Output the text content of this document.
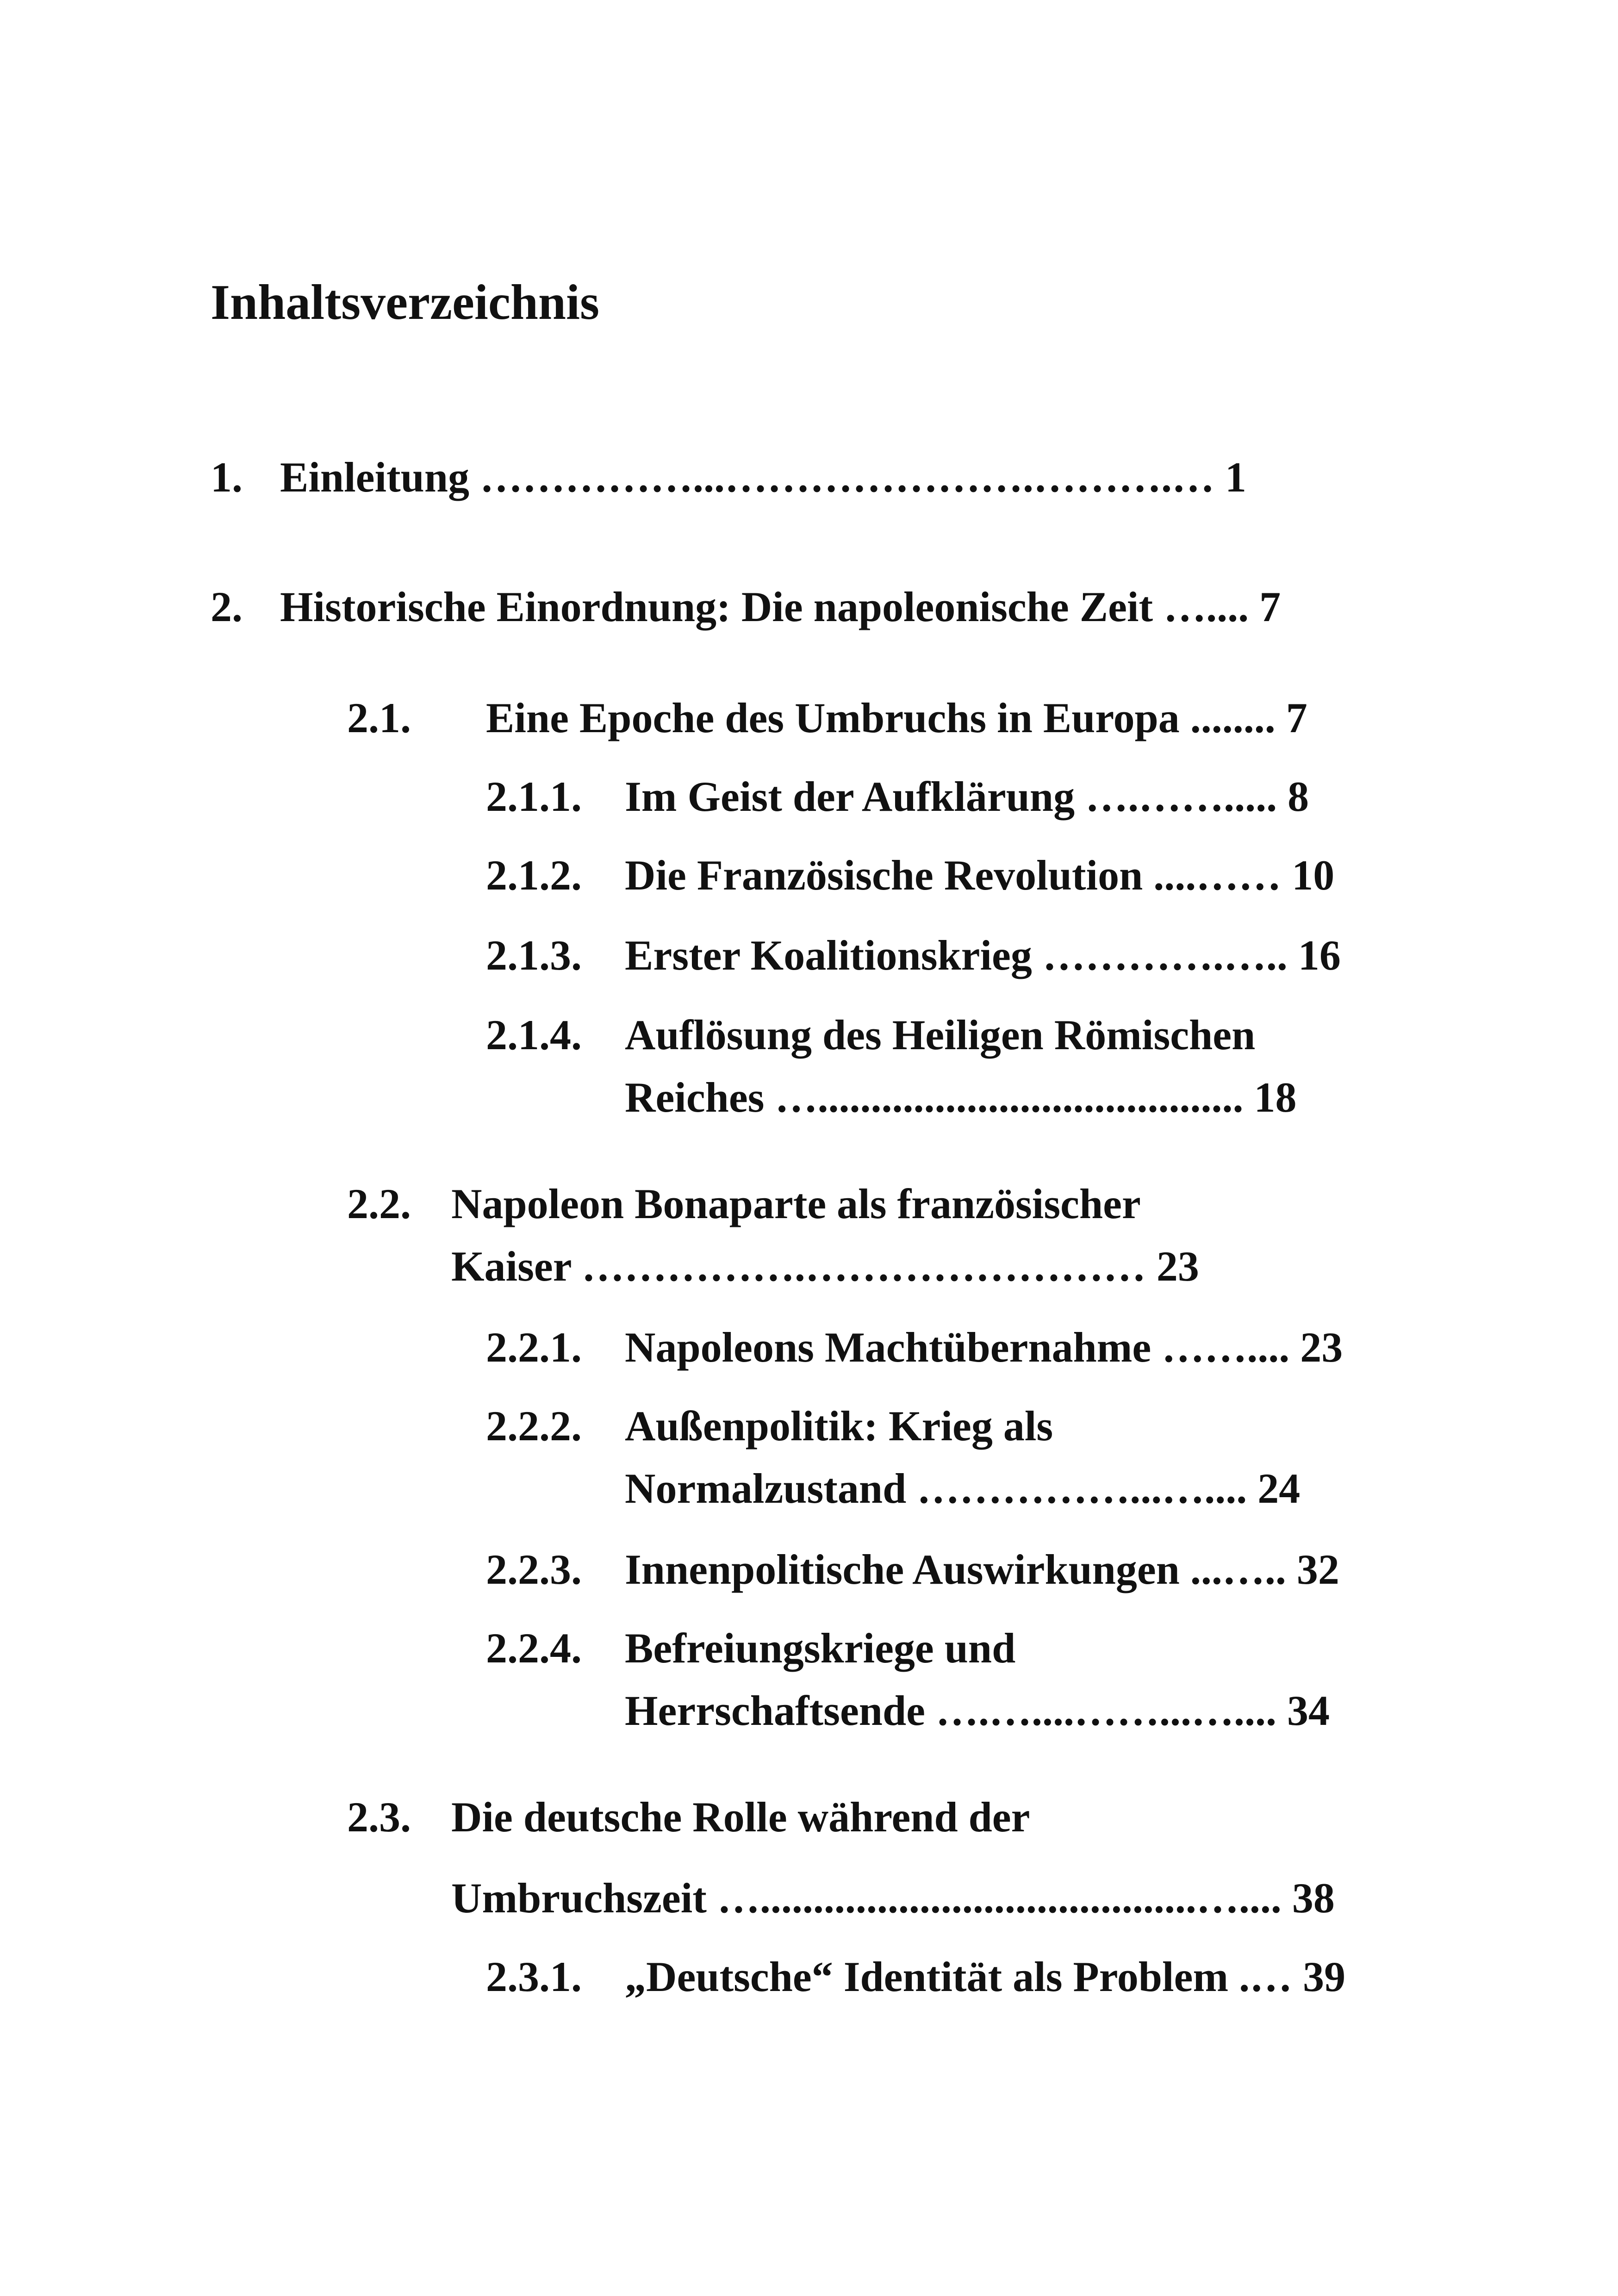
Inhaltsverzeichnis
1. Einleitung ……………...………………….……….… 1
2. Historische Einordnung: Die napoleonische Zeit ….... 7
2.1. Eine Epoche des Umbruchs in Europa ........ 7
2.1.1. Im Geist der Aufklärung ….……..... 8
2.1.2. Die Französische Revolution ....…… 10
2.1.3. Erster Koalitionskrieg ………….….. 16
2.1.4. Auflösung des Heiligen Römischen
Reiches …........................................ 18
2.2. Napoleon Bonaparte als französischer
Kaiser …………….…………………… 23
2.2.1. Napoleons Machtübernahme …….... 23
2.2.2. Außenpolitik: Krieg als
Normalzustand ……………...….... 24
2.2.3. Innenpolitische Auswirkungen ...….. 32
2.2.4. Befreiungskriege und
Herrschaftsende ….…....……...….... 34
2.3. Die deutsche Rolle während der
Umbruchszeit ….........................................….... 38
2.3.1. „Deutsche“ Identität als Problem .… 39
